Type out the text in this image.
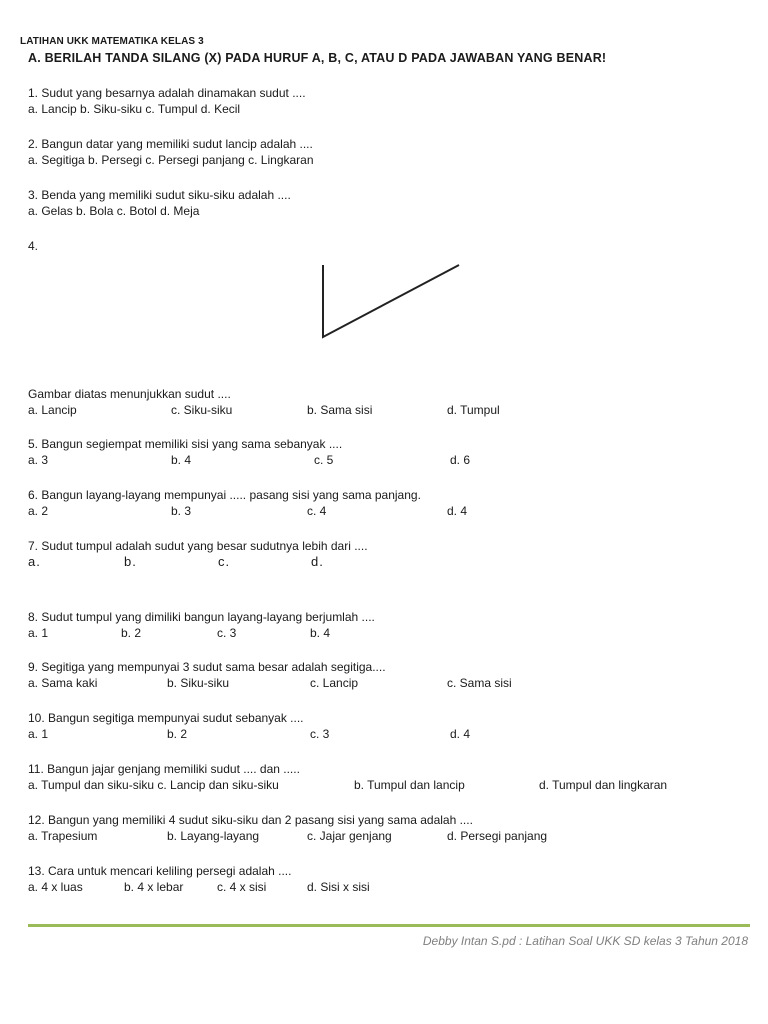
LATIHAN UKK MATEMATIKA KELAS 3
A. BERILAH TANDA SILANG (X) PADA HURUF A, B, C, ATAU D PADA JAWABAN YANG BENAR!
1. Sudut yang besarnya adalah dinamakan sudut ....
a. Lancip b. Siku-siku c. Tumpul d. Kecil
2. Bangun datar yang memiliki sudut lancip adalah ....
a. Segitiga b. Persegi c. Persegi panjang c. Lingkaran
3. Benda yang memiliki sudut siku-siku adalah ....
a. Gelas b. Bola c. Botol d. Meja
4.
Gambar diatas menunjukkan sudut ....
a. Lancip	c. Siku-siku	b. Sama sisi	d. Tumpul
5. Bangun segiempat memiliki sisi yang sama sebanyak ....
a. 3	b. 4	c. 5	d. 6
6. Bangun layang-layang mempunyai ..... pasang sisi yang sama panjang.
a. 2	b. 3	c. 4	d. 4
7. Sudut tumpul adalah sudut yang besar sudutnya lebih dari ....
a.	b.	c.	d.
8. Sudut tumpul yang dimiliki bangun layang-layang berjumlah ....
a. 1	b. 2	c. 3	b. 4
9. Segitiga yang mempunyai 3 sudut sama besar adalah segitiga....
a. Sama kaki	b. Siku-siku	c. Lancip	c. Sama sisi
10. Bangun segitiga mempunyai sudut sebanyak ....
a. 1	b. 2	c. 3	d. 4
11. Bangun jajar genjang memiliki sudut .... dan .....
a. Tumpul dan siku-siku c. Lancip dan siku-siku	b. Tumpul dan lancip	d. Tumpul dan lingkaran
12. Bangun yang memiliki 4 sudut siku-siku dan 2 pasang sisi yang sama adalah ....
a. Trapesium	b. Layang-layang	c. Jajar genjang	d. Persegi panjang
13. Cara untuk mencari keliling persegi adalah ....
a. 4 x luas	b. 4 x lebar	c. 4 x sisi	d. Sisi x sisi
Debby Intan S.pd : Latihan Soal UKK SD kelas 3 Tahun 2018
